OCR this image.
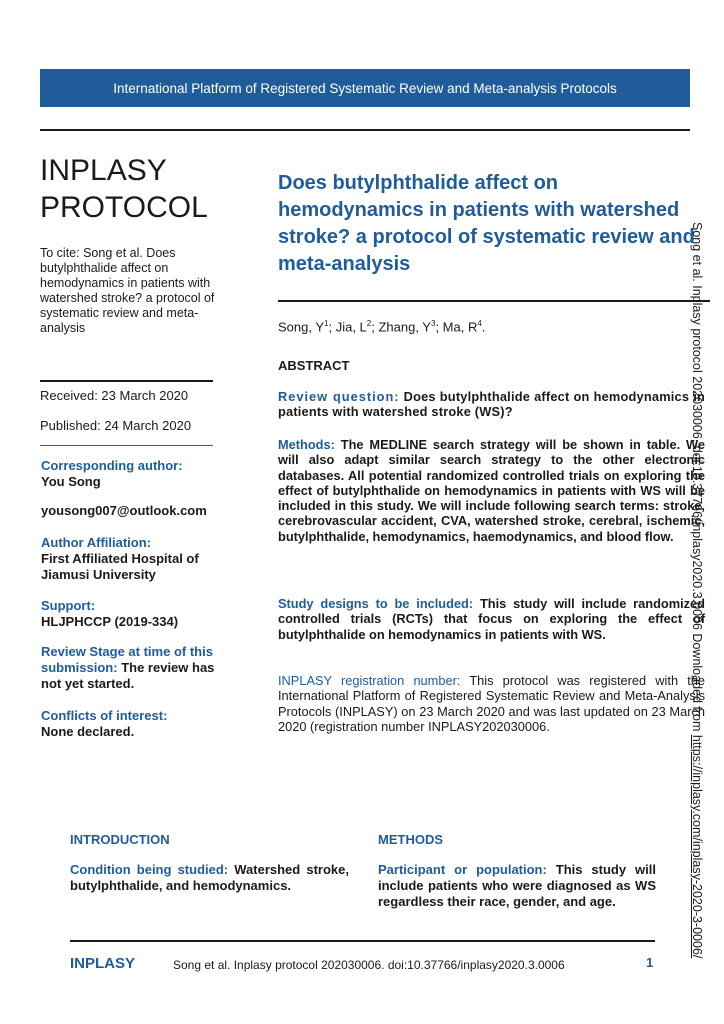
International Platform of Registered Systematic Review and Meta-analysis Protocols
INPLASY
PROTOCOL
To cite: Song et al. Does butylphthalide affect on hemodynamics in patients with watershed stroke? a protocol of systematic review and meta-analysis
Received: 23 March 2020
Published: 24 March 2020
Corresponding author:
You Song
yousong007@outlook.com
Author Affiliation:
First Affiliated Hospital of Jiamusi University
Support:
HLJPHCCP (2019-334)
Review Stage at time of this submission: The review has not yet started.
Conflicts of interest:
None declared.
Does butylphthalide affect on hemodynamics in patients with watershed stroke? a protocol of systematic review and meta-analysis
Song, $Y^1$; Jia, $L^2$; Zhang, $Y^3$; Ma, $R^4$.
ABSTRACT
Review question: Does butylphthalide affect on hemodynamics in patients with watershed stroke (WS)?
Methods: The MEDLINE search strategy will be shown in table. We will also adapt similar search strategy to the other electronic databases. All potential randomized controlled trials on exploring the effect of butylphthalide on hemodynamics in patients with WS will be included in this study. We will include following search terms: stroke, cerebrovascular accident, CVA, watershed stroke, cerebral, ischemic, butylphthalide, hemodynamics, haemodynamics, and blood flow.
Study designs to be included: This study will include randomized controlled trials (RCTs) that focus on exploring the effect of butylphthalide on hemodynamics in patients with WS.
INPLASY registration number: This protocol was registered with the International Platform of Registered Systematic Review and Meta-Analysis Protocols (INPLASY) on 23 March 2020 and was last updated on 23 March 2020 (registration number INPLASY202030006.
INTRODUCTION
Condition being studied: Watershed stroke, butylphthalide, and hemodynamics.
METHODS
Participant or population: This study will include patients who were diagnosed as WS regardless their race, gender, and age.
INPLASY	Song et al. Inplasy protocol 202030006. doi:10.37766/inplasy2020.3.0006	1
Song et al. Inplasy protocol 202030006. doi:10.37766/inplasy2020.3.0006 Downloaded from https://inplasy.com/inplasy-2020-3-0006/
